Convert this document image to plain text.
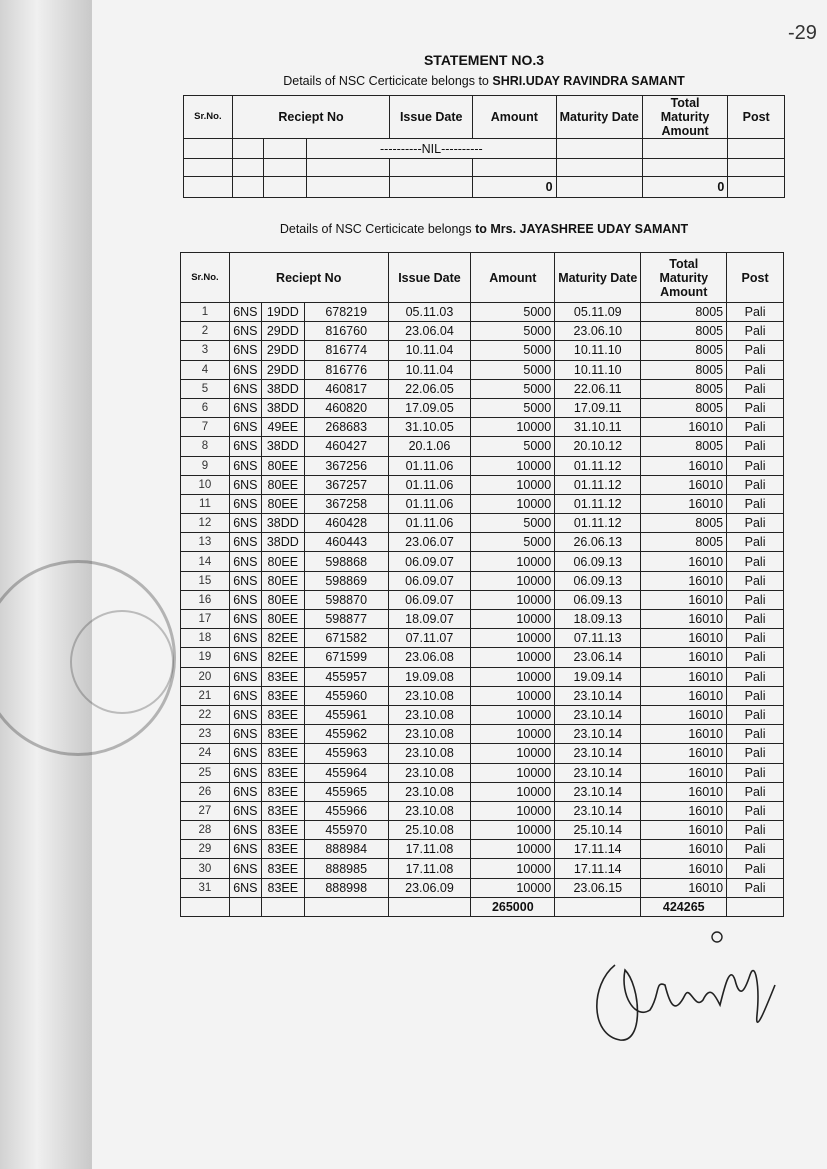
-29
STATEMENT NO.3
Details of NSC Certicicate belongs to SHRI.UDAY RAVINDRA SAMANT
Sr.No.	Reciept No			Issue Date	Amount	Maturity Date	Total Maturity Amount	Post
			----------NIL----------					

					0		0	
Details of NSC Certicicate belongs to Mrs. JAYASHREE UDAY SAMANT
Sr.No.	Reciept No			Issue Date	Amount	Maturity Date	Total Maturity Amount	Post
1	6NS	19DD	678219	05.11.03	5000	05.11.09	8005	Pali
2	6NS	29DD	816760	23.06.04	5000	23.06.10	8005	Pali
3	6NS	29DD	816774	10.11.04	5000	10.11.10	8005	Pali
4	6NS	29DD	816776	10.11.04	5000	10.11.10	8005	Pali
5	6NS	38DD	460817	22.06.05	5000	22.06.11	8005	Pali
6	6NS	38DD	460820	17.09.05	5000	17.09.11	8005	Pali
7	6NS	49EE	268683	31.10.05	10000	31.10.11	16010	Pali
8	6NS	38DD	460427	20.1.06	5000	20.10.12	8005	Pali
9	6NS	80EE	367256	01.11.06	10000	01.11.12	16010	Pali
10	6NS	80EE	367257	01.11.06	10000	01.11.12	16010	Pali
11	6NS	80EE	367258	01.11.06	10000	01.11.12	16010	Pali
12	6NS	38DD	460428	01.11.06	5000	01.11.12	8005	Pali
13	6NS	38DD	460443	23.06.07	5000	26.06.13	8005	Pali
14	6NS	80EE	598868	06.09.07	10000	06.09.13	16010	Pali
15	6NS	80EE	598869	06.09.07	10000	06.09.13	16010	Pali
16	6NS	80EE	598870	06.09.07	10000	06.09.13	16010	Pali
17	6NS	80EE	598877	18.09.07	10000	18.09.13	16010	Pali
18	6NS	82EE	671582	07.11.07	10000	07.11.13	16010	Pali
19	6NS	82EE	671599	23.06.08	10000	23.06.14	16010	Pali
20	6NS	83EE	455957	19.09.08	10000	19.09.14	16010	Pali
21	6NS	83EE	455960	23.10.08	10000	23.10.14	16010	Pali
22	6NS	83EE	455961	23.10.08	10000	23.10.14	16010	Pali
23	6NS	83EE	455962	23.10.08	10000	23.10.14	16010	Pali
24	6NS	83EE	455963	23.10.08	10000	23.10.14	16010	Pali
25	6NS	83EE	455964	23.10.08	10000	23.10.14	16010	Pali
26	6NS	83EE	455965	23.10.08	10000	23.10.14	16010	Pali
27	6NS	83EE	455966	23.10.08	10000	23.10.14	16010	Pali
28	6NS	83EE	455970	25.10.08	10000	25.10.14	16010	Pali
29	6NS	83EE	888984	17.11.08	10000	17.11.14	16010	Pali
30	6NS	83EE	888985	17.11.08	10000	17.11.14	16010	Pali
31	6NS	83EE	888998	23.06.09	10000	23.06.15	16010	Pali
					265000		424265	
